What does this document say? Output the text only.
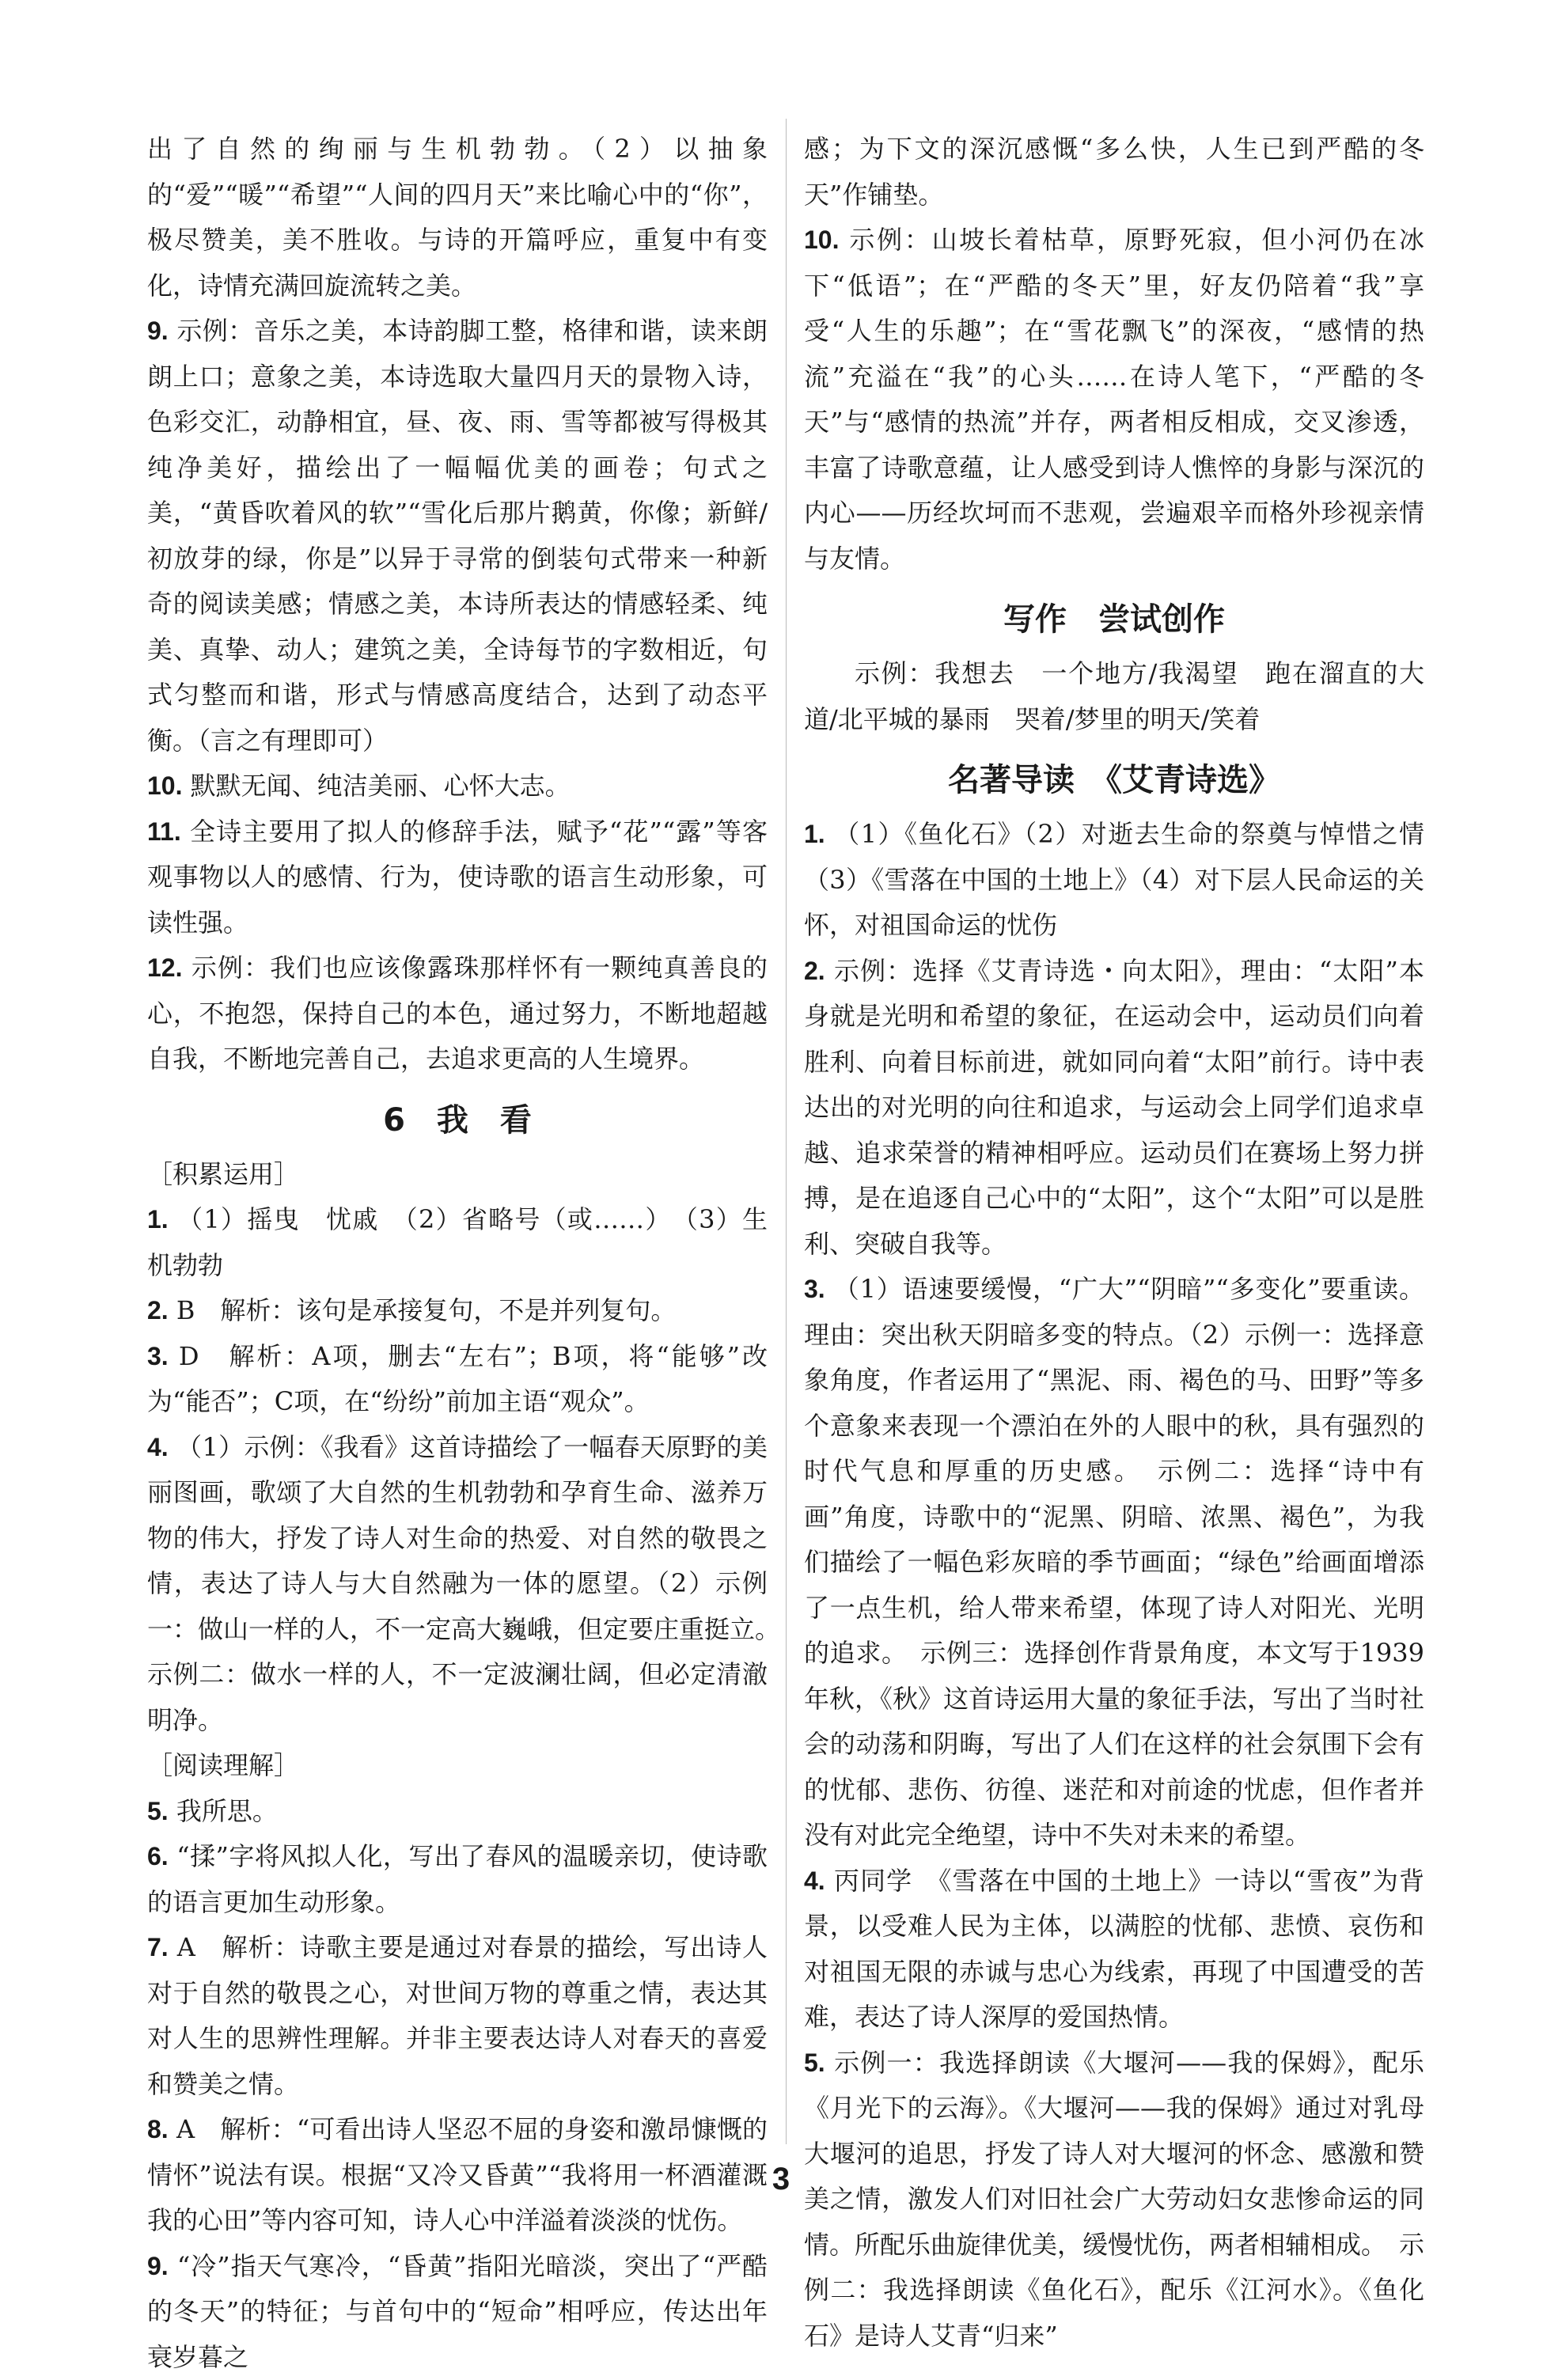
出了自然的绚丽与生机勃勃。（2）以抽象的“爱”“暖”“希望”“人间的四月天”来比喻心中的“你”，极尽赞美，美不胜收。与诗的开篇呼应，重复中有变化，诗情充满回旋流转之美。

9. 示例：音乐之美，本诗韵脚工整，格律和谐，读来朗朗上口；意象之美，本诗选取大量四月天的景物入诗，色彩交汇，动静相宜，昼、夜、雨、雪等都被写得极其纯净美好，描绘出了一幅幅优美的画卷；句式之美，“黄昏吹着风的软”“雪化后那片鹅黄，你像；新鲜/初放芽的绿，你是”以异于寻常的倒装句式带来一种新奇的阅读美感；情感之美，本诗所表达的情感轻柔、纯美、真挚、动人；建筑之美，全诗每节的字数相近，句式匀整而和谐，形式与情感高度结合，达到了动态平衡。（言之有理即可）

10. 默默无闻、纯洁美丽、心怀大志。

11. 全诗主要用了拟人的修辞手法，赋予“花”“露”等客观事物以人的感情、行为，使诗歌的语言生动形象，可读性强。

12. 示例：我们也应该像露珠那样怀有一颗纯真善良的心，不抱怨，保持自己的本色，通过努力，不断地超越自我，不断地完善自己，去追求更高的人生境界。

6　我　看
［积累运用］

1. （1）摇曳　忧戚　（2）省略号（或……）　（3）生机勃勃

2. B　解析：该句是承接复句，不是并列复句。

3. D　解析：A项，删去“左右”；B项，将“能够”改为“能否”；C项，在“纷纷”前加主语“观众”。

4. （1）示例：《我看》这首诗描绘了一幅春天原野的美丽图画，歌颂了大自然的生机勃勃和孕育生命、滋养万物的伟大，抒发了诗人对生命的热爱、对自然的敬畏之情，表达了诗人与大自然融为一体的愿望。（2）示例一：做山一样的人，不一定高大巍峨，但定要庄重挺立。　示例二：做水一样的人，不一定波澜壮阔，但必定清澈明净。

［阅读理解］

5. 我所思。

6. “揉”字将风拟人化，写出了春风的温暖亲切，使诗歌的语言更加生动形象。

7. A　解析：诗歌主要是通过对春景的描绘，写出诗人对于自然的敬畏之心，对世间万物的尊重之情，表达其对人生的思辨性理解。并非主要表达诗人对春天的喜爱和赞美之情。

8. A　解析：“可看出诗人坚忍不屈的身姿和激昂慷慨的情怀”说法有误。根据“又冷又昏黄”“我将用一杯酒灌溉我的心田”等内容可知，诗人心中洋溢着淡淡的忧伤。

9. “冷”指天气寒冷，“昏黄”指阳光暗淡，突出了“严酷的冬天”的特征；与首句中的“短命”相呼应，传达出年衰岁暮之

感；为下文的深沉感慨“多么快，人生已到严酷的冬天”作铺垫。

10. 示例：山坡长着枯草，原野死寂，但小河仍在冰下“低语”；在“严酷的冬天”里，好友仍陪着“我”享受“人生的乐趣”；在“雪花飘飞”的深夜，“感情的热流”充溢在“我”的心头……在诗人笔下，“严酷的冬天”与“感情的热流”并存，两者相反相成，交叉渗透，丰富了诗歌意蕴，让人感受到诗人憔悴的身影与深沉的内心——历经坎坷而不悲观，尝遍艰辛而格外珍视亲情与友情。

写作　尝试创作

示例：我想去　一个地方/我渴望　跑在溜直的大道/北平城的暴雨　哭着/梦里的明天/笑着

名著导读　《艾青诗选》

1. （1）《鱼化石》（2）对逝去生命的祭奠与悼惜之情（3）《雪落在中国的土地上》（4）对下层人民命运的关怀，对祖国命运的忧伤

2. 示例：选择《艾青诗选・向太阳》，理由：“太阳”本身就是光明和希望的象征，在运动会中，运动员们向着胜利、向着目标前进，就如同向着“太阳”前行。诗中表达出的对光明的向往和追求，与运动会上同学们追求卓越、追求荣誉的精神相呼应。运动员们在赛场上努力拼搏，是在追逐自己心中的“太阳”，这个“太阳”可以是胜利、突破自我等。

3. （1）语速要缓慢，“广大”“阴暗”“多变化”要重读。理由：突出秋天阴暗多变的特点。（2）示例一：选择意象角度，作者运用了“黑泥、雨、褐色的马、田野”等多个意象来表现一个漂泊在外的人眼中的秋，具有强烈的时代气息和厚重的历史感。　示例二：选择“诗中有画”角度，诗歌中的“泥黑、阴暗、浓黑、褐色”，为我们描绘了一幅色彩灰暗的季节画面；“绿色”给画面增添了一点生机，给人带来希望，体现了诗人对阳光、光明的追求。　示例三：选择创作背景角度，本文写于1939年秋，《秋》这首诗运用大量的象征手法，写出了当时社会的动荡和阴晦，写出了人们在这样的社会氛围下会有的忧郁、悲伤、彷徨、迷茫和对前途的忧虑，但作者并没有对此完全绝望，诗中不失对未来的希望。

4. 丙同学　《雪落在中国的土地上》一诗以“雪夜”为背景，以受难人民为主体，以满腔的忧郁、悲愤、哀伤和对祖国无限的赤诚与忠心为线索，再现了中国遭受的苦难，表达了诗人深厚的爱国热情。

5. 示例一：我选择朗读《大堰河——我的保姆》，配乐《月光下的云海》。《大堰河——我的保姆》通过对乳母大堰河的追思，抒发了诗人对大堰河的怀念、感激和赞美之情，激发人们对旧社会广大劳动妇女悲惨命运的同情。所配乐曲旋律优美，缓慢忧伤，两者相辅相成。　示例二：我选择朗读《鱼化石》，配乐《江河水》。《鱼化石》是诗人艾青“归来”

3
